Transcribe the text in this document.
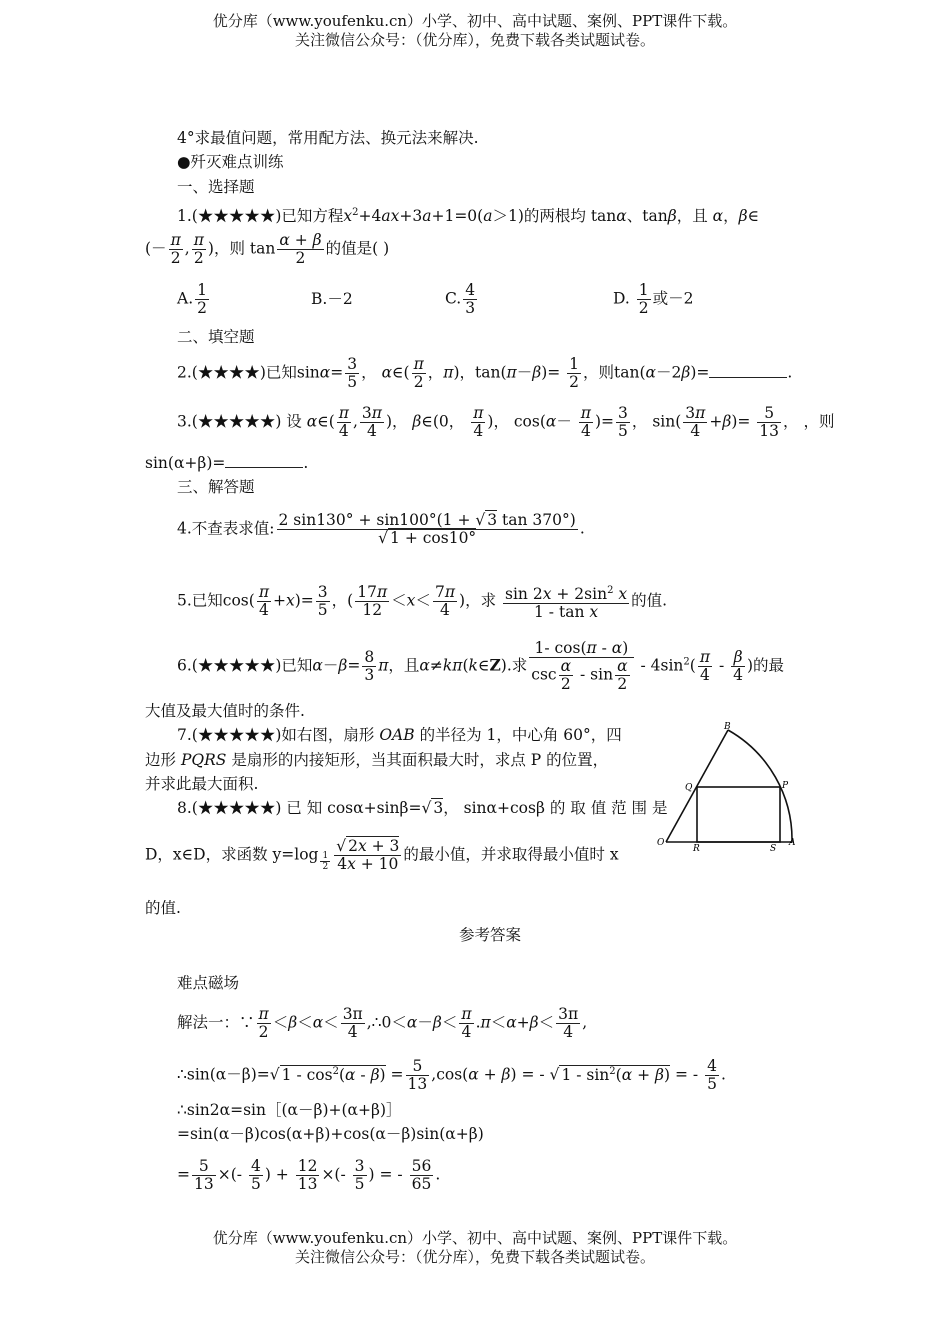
优分库（www.youfenku.cn）小学、初中、高中试题、案例、PPT课件下载。
关注微信公众号：（优分库），免费下载各类试题试卷。
4°求最值问题，常用配方法、换元法来解决.
●歼灭难点训练
一、选择题
1.(★★★★★)已知方程$x^2+4ax+3a+1=0(a>1)$的两根均 tanα、tanβ，且 α，β∈
(－ $\frac{\pi}{2}$ , $\frac{\pi}{2}$ )，则 $\tan \frac{\alpha + \beta}{2}$ 的值是( )
A. $\frac{1}{2}$	B.－2	C. $\frac{4}{3}$	D. $\frac{1}{2}$ 或－2
二、填空题
2.(★★★★)已知$\sin\alpha= \frac{3}{5}$ ， α∈( $\frac{\pi}{2}$ ，π)，$\tan(\pi-\beta)= \frac{1}{2}$ ，则tan(α－2β)=	.
3.(★★★★★) 设 α∈( $\frac{\pi}{4}$ , $\frac{3\pi}{4}$ )， β∈(0， $\frac{\pi}{4}$ )， $\cos(\alpha- \frac{\pi}{4}$ )= $\frac{3}{5}$ ， $\sin( \frac{3\pi}{4} +\beta)= \frac{5}{13}$ ， ，则
sin(α+β)=	.
三、解答题
4.不查表求值: $\frac{2 \sin 130^\circ + \sin 100^\circ(1 + √ 3 \tan 370^\circ)}{√ 1 + \cos 10^\circ}$ .
5.已知$\cos( \frac{\pi}{4} +x)= \frac{3}{5}$ ，( $\frac{17\pi}{12} <x< \frac{7\pi}{4}$ )，求 $\frac{\sin 2x + 2\sin^2 x}{\text{1 - tan x}}$ 的值.
6.(★★★★★)已知$\alpha-\beta= \frac{8}{3}$ π，且α≠kπ(k∈Z).求 $\frac{1- \cos(\pi - \alpha)}{\csc \frac{\alpha}{2} - \sin \frac{\alpha}{2}} - 4\sin^2( \frac{\pi}{4} - \frac{\beta}{4}$ )的最
大值及最大值时的条件.
7.(★★★★★)如右图，扇形 OAB 的半径为 1，中心角 60°，四
边形 PQRS 是扇形的内接矩形，当其面积最大时，求点 P 的位置，
并求此最大面积.
8.(★★★★★) 已 知 cosα+sinβ=√ 3， sinα+cosβ 的 取 值 范 围 是
D，x∈D，求函数 y=log $_{\frac{1}{2}} \frac{√ 2x + 3}{4x + 10}$ 的最小值，并求取得最小值时 x
的值.
B
Q	P
O
R	S
A
参考答案
难点磁场
解法一：∵ $\frac{\pi}{2} <\beta<\alpha< \frac{3\pi}{4}$ ,∴0＜α－β＜ $\frac{\pi}{4} .\pi<\alpha+\beta< \frac{3\pi}{4}$ ,
∴sin(α－β)=√ $1 - \cos^2(\alpha - \beta) = \frac{5}{13} ,\cos(\alpha + \beta)$ = - √ $1 - \sin^2(\alpha + \beta)$ = - $\frac{4}{5}$ .
∴sin2α=sin［(α－β)+(α+β)］
=sin(α－β)cos(α+β)+cos(α－β)sin(α+β)
= $\frac{5}{13}$ ×(- $\frac{4}{5}$ ) + $\frac{12}{13}$ ×(- $\frac{3}{5}$ ) = - $\frac{56}{65}$ .
优分库（www.youfenku.cn）小学、初中、高中试题、案例、PPT课件下载。
关注微信公众号：（优分库），免费下载各类试题试卷。
